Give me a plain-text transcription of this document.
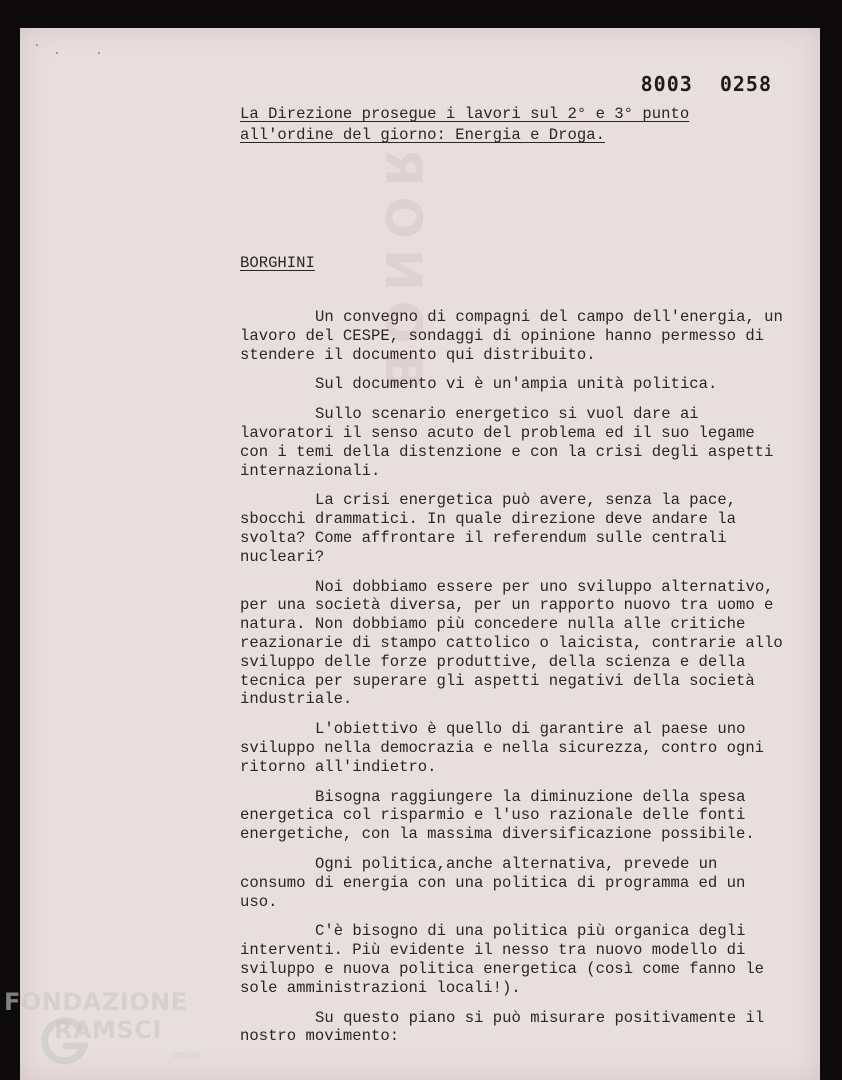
ЯOИОВ
8003 0258

La Direzione prosegue i lavori sul 2° e 3° punto all'ordine del giorno: Energia e Droga.

BORGHINI

Un convegno di compagni del campo dell'energia, un lavoro del CESPE, sondaggi di opinione hanno permesso di stendere il documento qui distribuito.

Sul documento vi è un'ampia unità politica.

Sullo scenario energetico si vuol dare ai lavoratori il senso acuto del problema ed il suo legame con i temi della distenzione e con la crisi degli aspetti internazionali.

La crisi energetica può avere, senza la pace, sbocchi drammatici. In quale direzione deve andare la svolta? Come affrontare il referendum sulle centrali nucleari?

Noi dobbiamo essere per uno sviluppo alternativo, per una società diversa, per un rapporto nuovo tra uomo e natura. Non dobbiamo più concedere nulla alle critiche reazionarie di stampo cattolico o laicista, contrarie allo sviluppo delle forze produttive, della scienza e della tecnica per superare gli aspetti negativi della società industriale.

L'obiettivo è quello di garantire al paese uno sviluppo nella democrazia e nella sicurezza, contro ogni ritorno all'indietro.

Bisogna raggiungere la diminuzione della spesa energetica col risparmio e l'uso razionale delle fonti energetiche, con la massima diversificazione possibile.

Ogni politica,anche alternativa, prevede un consumo di energia con una politica di programma ed un uso.

C'è bisogno di una politica più organica degli interventi. Più evidente il nesso tra nuovo modello di sviluppo e nuova politica energetica (così come fanno le sole amministrazioni locali!).

Su questo piano si può misurare positivamente il nostro movimento:

FONDAZIONE
RAMSCI
onlus
